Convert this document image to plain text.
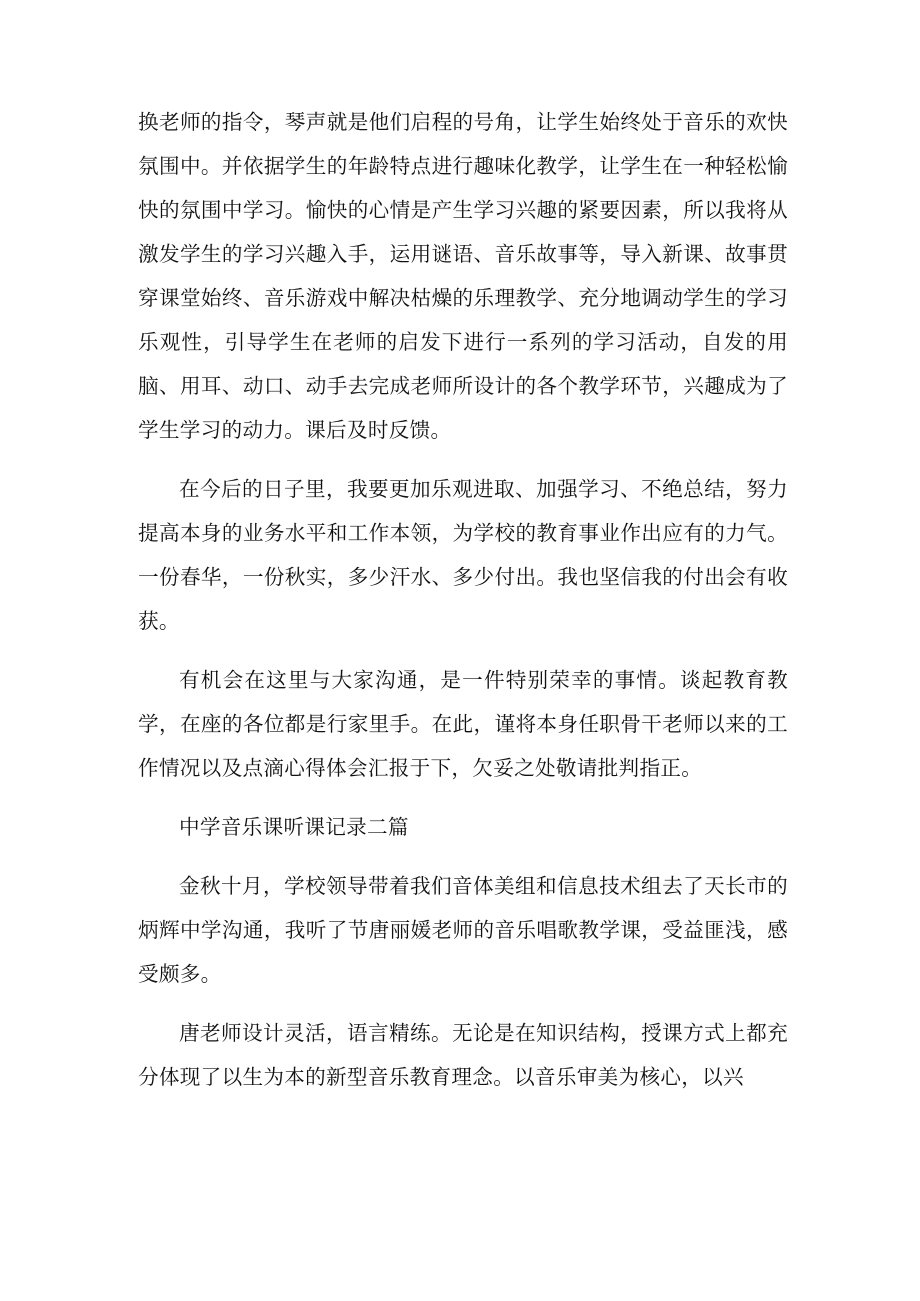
换老师的指令，琴声就是他们启程的号角，让学生始终处于音乐的欢快氛围中。并依据学生的年龄特点进行趣味化教学，让学生在一种轻松愉快的氛围中学习。愉快的心情是产生学习兴趣的紧要因素，所以我将从激发学生的学习兴趣入手，运用谜语、音乐故事等，导入新课、故事贯穿课堂始终、音乐游戏中解决枯燥的乐理教学、充分地调动学生的学习乐观性，引导学生在老师的启发下进行一系列的学习活动，自发的用脑、用耳、动口、动手去完成老师所设计的各个教学环节，兴趣成为了学生学习的动力。课后及时反馈。

在今后的日子里，我要更加乐观进取、加强学习、不绝总结，努力提高本身的业务水平和工作本领，为学校的教育事业作出应有的力气。一份春华，一份秋实，多少汗水、多少付出。我也坚信我的付出会有收获。

有机会在这里与大家沟通，是一件特别荣幸的事情。谈起教育教学，在座的各位都是行家里手。在此，谨将本身任职骨干老师以来的工作情况以及点滴心得体会汇报于下，欠妥之处敬请批判指正。

中学音乐课听课记录二篇

金秋十月，学校领导带着我们音体美组和信息技术组去了天长市的炳辉中学沟通，我听了节唐丽媛老师的音乐唱歌教学课，受益匪浅，感受颇多。

唐老师设计灵活，语言精练。无论是在知识结构，授课方式上都充分体现了以生为本的新型音乐教育理念。以音乐审美为核心，以兴
